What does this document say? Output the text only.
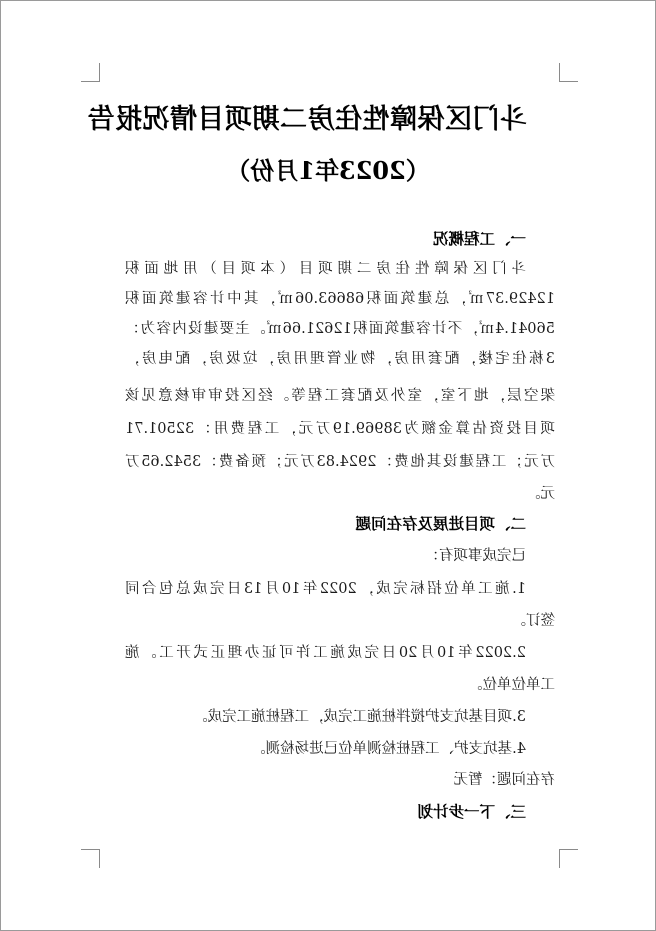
斗门区保障性住房二期项目情况报告
（2023年1月份）
一、工程概况
斗门区保障性住房二期项目（本项目）用地面积
12429.37㎡，总建筑面积68663.06㎡，其中计容建筑面积
56041.4㎡，不计容建筑面积12621.66㎡。主要建设内容为：
3栋住宅楼，配套用房，物业管理用房，垃圾房，配电房，
架空层，地下室，室外及配套工程等。经区投审审核意见该
项目投资估算金额为38969.19万元，工程费用：32501.71
万元；工程建设其他费：2924.83万元；预备费：3542.65万
元。
二、项目进展及存在问题
已完成事项有：
1.施工单位招标完成，2022年10月13日完成总包合同
签订。
2.2022年10月20日完成施工许可证办理正式开工。施
工单位单位。
3.项目基坑支护搅拌桩施工完成，工程桩施工完成。
4.基坑支护、工程桩检测单位已进场检测。
存在问题：暂无
三、下一步计划
